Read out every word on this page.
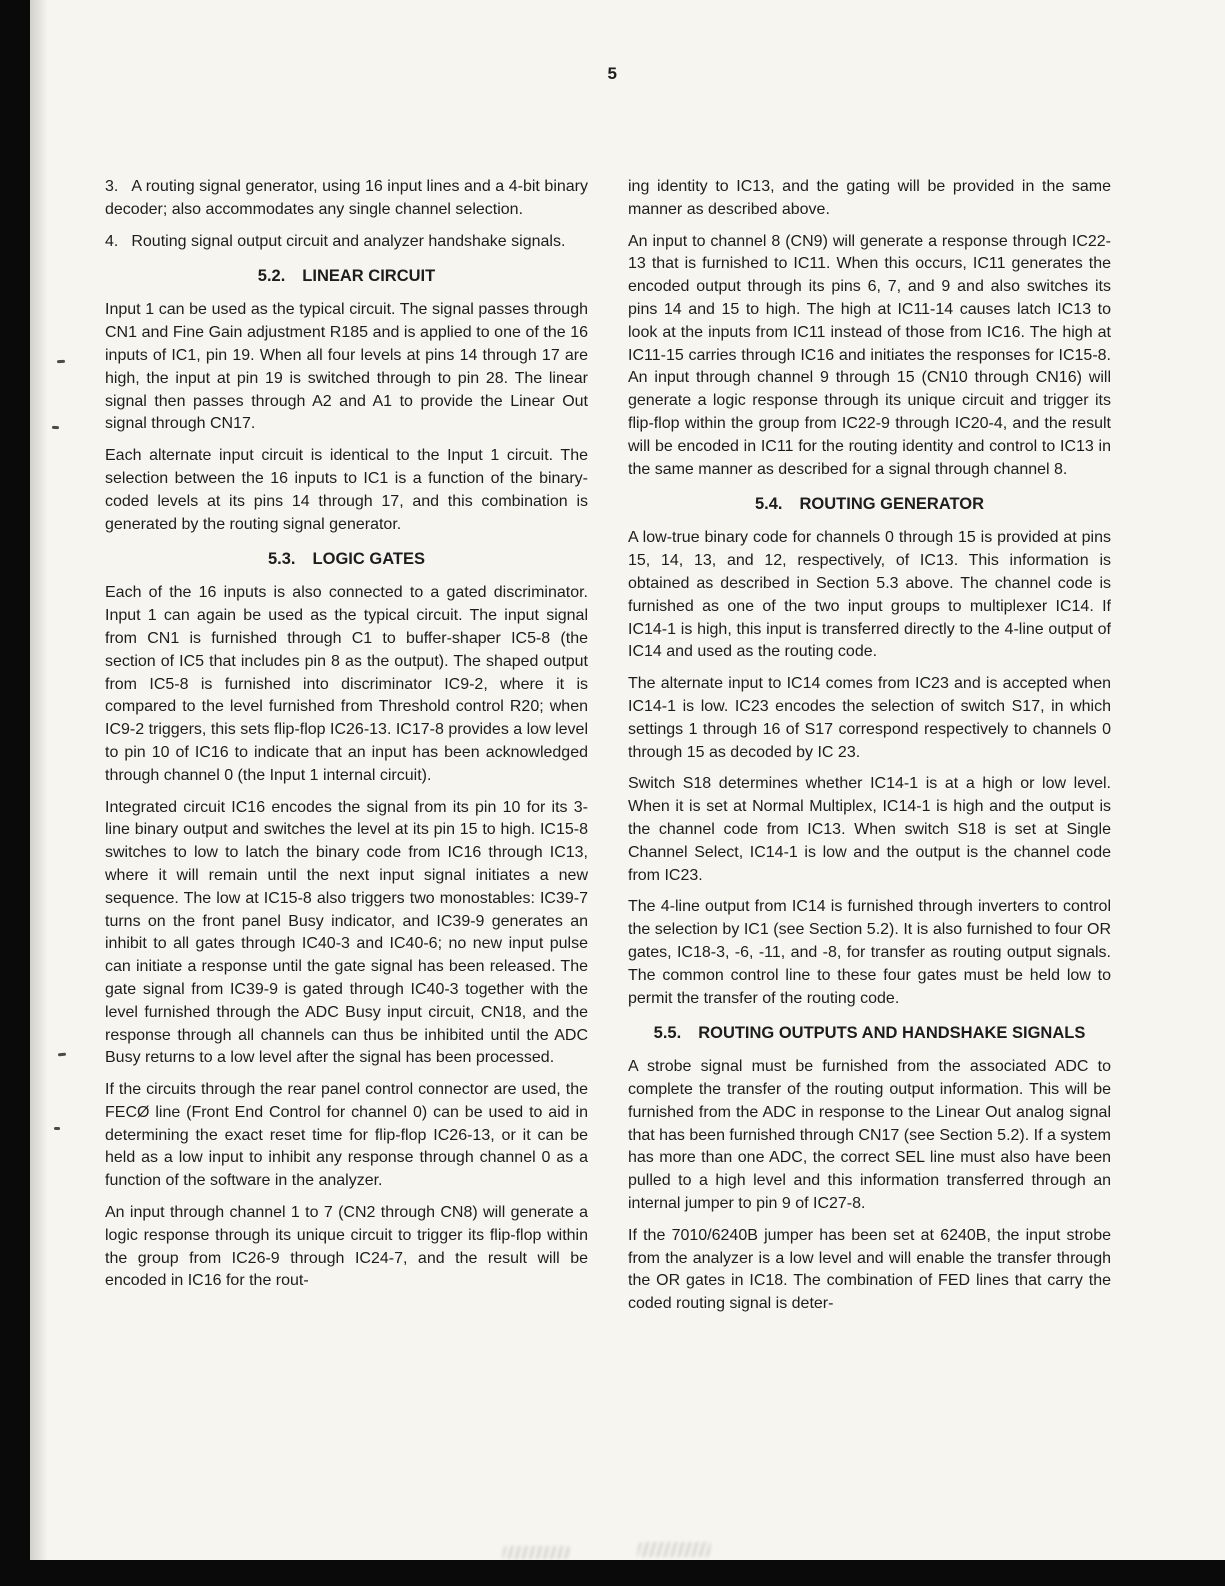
5

3. A routing signal generator, using 16 input lines and a 4-bit binary decoder; also accommodates any single channel selection.

4. Routing signal output circuit and analyzer handshake signals.

5.2. LINEAR CIRCUIT

Input 1 can be used as the typical circuit. The signal passes through CN1 and Fine Gain adjustment R185 and is applied to one of the 16 inputs of IC1, pin 19. When all four levels at pins 14 through 17 are high, the input at pin 19 is switched through to pin 28. The linear signal then passes through A2 and A1 to provide the Linear Out signal through CN17.

Each alternate input circuit is identical to the Input 1 circuit. The selection between the 16 inputs to IC1 is a function of the binary-coded levels at its pins 14 through 17, and this combination is generated by the routing signal generator.

5.3. LOGIC GATES

Each of the 16 inputs is also connected to a gated discriminator. Input 1 can again be used as the typical circuit. The input signal from CN1 is furnished through C1 to buffer-shaper IC5-8 (the section of IC5 that includes pin 8 as the output). The shaped output from IC5-8 is furnished into discriminator IC9-2, where it is compared to the level furnished from Threshold control R20; when IC9-2 triggers, this sets flip-flop IC26-13. IC17-8 provides a low level to pin 10 of IC16 to indicate that an input has been acknowledged through channel 0 (the Input 1 internal circuit).

Integrated circuit IC16 encodes the signal from its pin 10 for its 3-line binary output and switches the level at its pin 15 to high. IC15-8 switches to low to latch the binary code from IC16 through IC13, where it will remain until the next input signal initiates a new sequence. The low at IC15-8 also triggers two monostables: IC39-7 turns on the front panel Busy indicator, and IC39-9 generates an inhibit to all gates through IC40-3 and IC40-6; no new input pulse can initiate a response until the gate signal has been released. The gate signal from IC39-9 is gated through IC40-3 together with the level furnished through the ADC Busy input circuit, CN18, and the response through all channels can thus be inhibited until the ADC Busy returns to a low level after the signal has been processed.

If the circuits through the rear panel control connector are used, the FECØ line (Front End Control for channel 0) can be used to aid in determining the exact reset time for flip-flop IC26-13, or it can be held as a low input to inhibit any response through channel 0 as a function of the software in the analyzer.

An input through channel 1 to 7 (CN2 through CN8) will generate a logic response through its unique circuit to trigger its flip-flop within the group from IC26-9 through IC24-7, and the result will be encoded in IC16 for the rout-

ing identity to IC13, and the gating will be provided in the same manner as described above.

An input to channel 8 (CN9) will generate a response through IC22-13 that is furnished to IC11. When this occurs, IC11 generates the encoded output through its pins 6, 7, and 9 and also switches its pins 14 and 15 to high. The high at IC11-14 causes latch IC13 to look at the inputs from IC11 instead of those from IC16. The high at IC11-15 carries through IC16 and initiates the responses for IC15-8. An input through channel 9 through 15 (CN10 through CN16) will generate a logic response through its unique circuit and trigger its flip-flop within the group from IC22-9 through IC20-4, and the result will be encoded in IC11 for the routing identity and control to IC13 in the same manner as described for a signal through channel 8.

5.4. ROUTING GENERATOR

A low-true binary code for channels 0 through 15 is provided at pins 15, 14, 13, and 12, respectively, of IC13. This information is obtained as described in Section 5.3 above. The channel code is furnished as one of the two input groups to multiplexer IC14. If IC14-1 is high, this input is transferred directly to the 4-line output of IC14 and used as the routing code.

The alternate input to IC14 comes from IC23 and is accepted when IC14-1 is low. IC23 encodes the selection of switch S17, in which settings 1 through 16 of S17 correspond respectively to channels 0 through 15 as decoded by IC 23.

Switch S18 determines whether IC14-1 is at a high or low level. When it is set at Normal Multiplex, IC14-1 is high and the output is the channel code from IC13. When switch S18 is set at Single Channel Select, IC14-1 is low and the output is the channel code from IC23.

The 4-line output from IC14 is furnished through inverters to control the selection by IC1 (see Section 5.2). It is also furnished to four OR gates, IC18-3, -6, -11, and -8, for transfer as routing output signals. The common control line to these four gates must be held low to permit the transfer of the routing code.

5.5. ROUTING OUTPUTS AND HANDSHAKE SIGNALS

A strobe signal must be furnished from the associated ADC to complete the transfer of the routing output information. This will be furnished from the ADC in response to the Linear Out analog signal that has been furnished through CN17 (see Section 5.2). If a system has more than one ADC, the correct SEL line must also have been pulled to a high level and this information transferred through an internal jumper to pin 9 of IC27-8.

If the 7010/6240B jumper has been set at 6240B, the input strobe from the analyzer is a low level and will enable the transfer through the OR gates in IC18. The combination of FED lines that carry the coded routing signal is deter-
